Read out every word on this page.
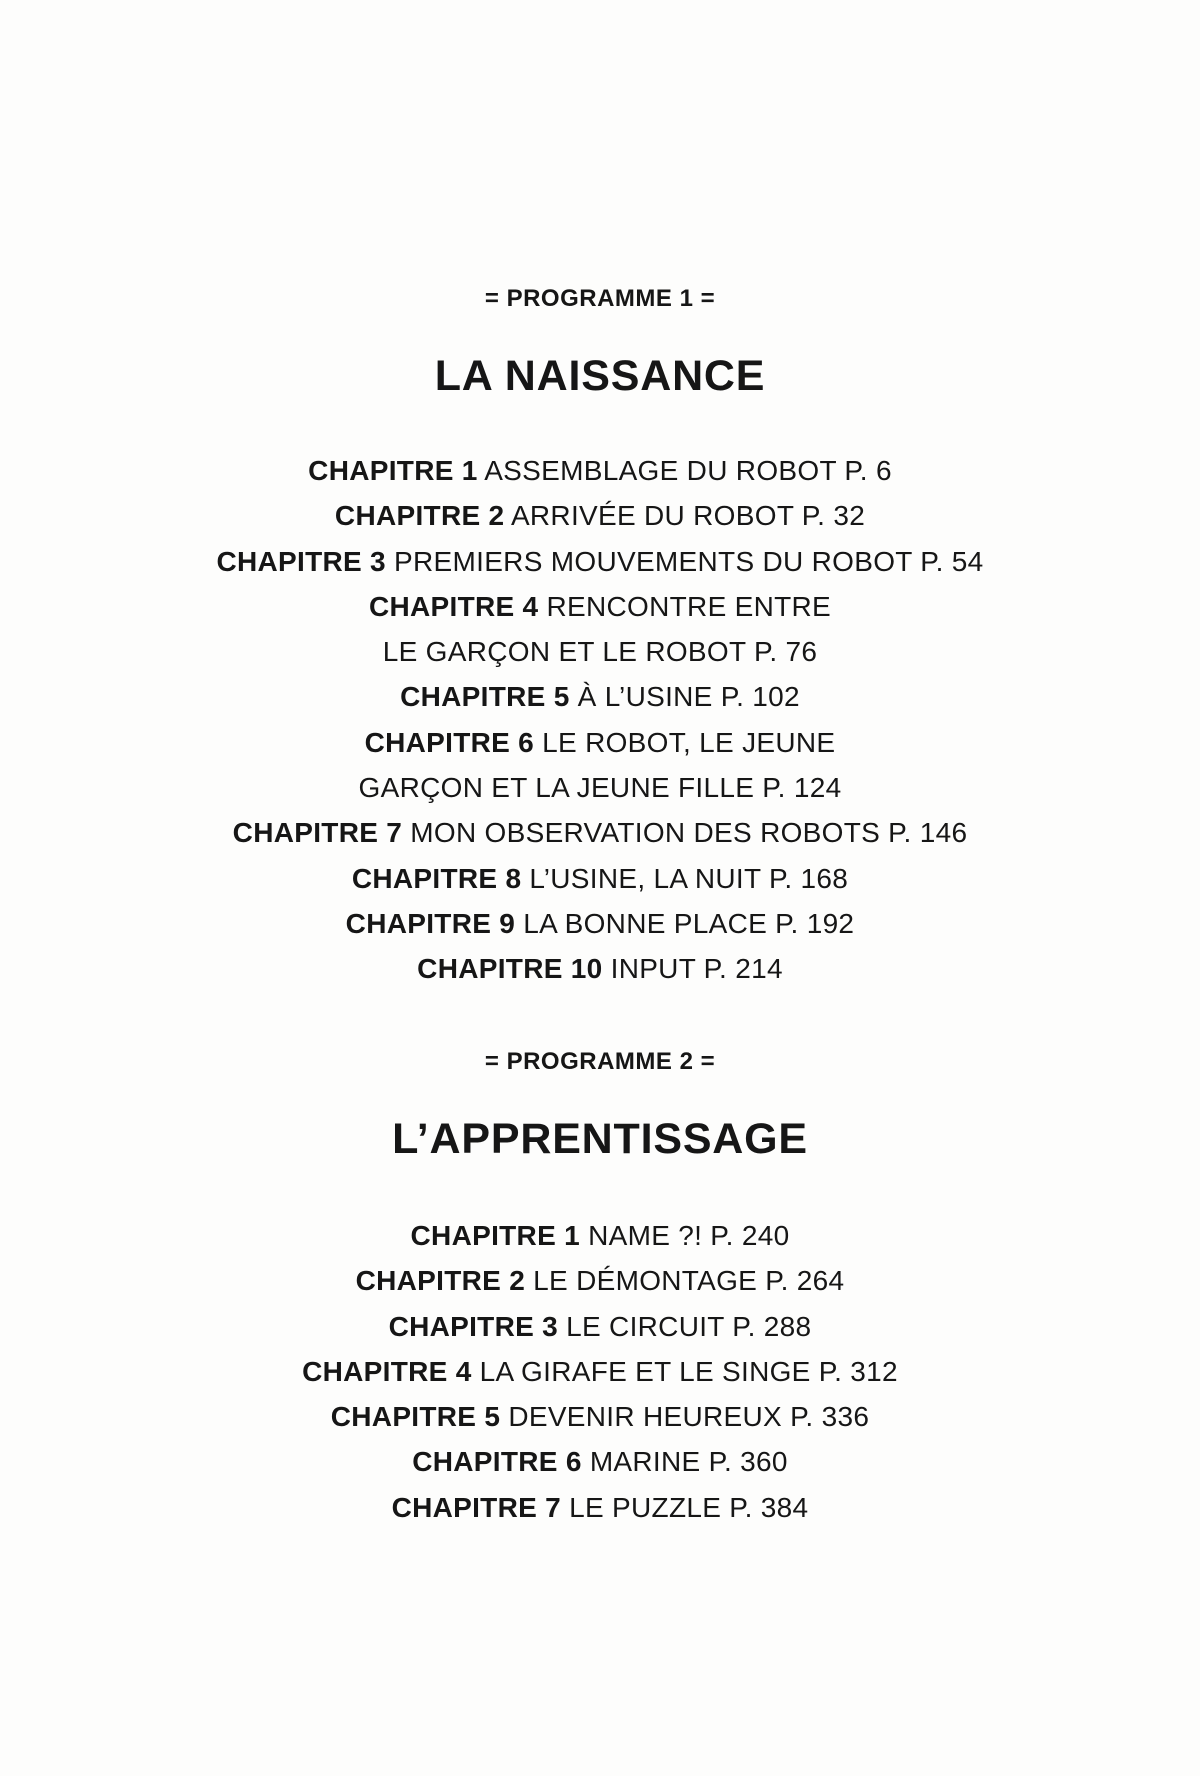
= PROGRAMME 1 =
LA NAISSANCE
CHAPITRE 1 ASSEMBLAGE DU ROBOT P. 6
CHAPITRE 2 ARRIVÉE DU ROBOT P. 32
CHAPITRE 3 PREMIERS MOUVEMENTS DU ROBOT P. 54
CHAPITRE 4 RENCONTRE ENTRE
LE GARÇON ET LE ROBOT P. 76
CHAPITRE 5 À L’USINE P. 102
CHAPITRE 6 LE ROBOT, LE JEUNE
GARÇON ET LA JEUNE FILLE P. 124
CHAPITRE 7 MON OBSERVATION DES ROBOTS P. 146
CHAPITRE 8 L’USINE, LA NUIT P. 168
CHAPITRE 9 LA BONNE PLACE P. 192
CHAPITRE 10 INPUT P. 214
= PROGRAMME 2 =
L’APPRENTISSAGE
CHAPITRE 1 NAME ?! P. 240
CHAPITRE 2 LE DÉMONTAGE P. 264
CHAPITRE 3 LE CIRCUIT P. 288
CHAPITRE 4 LA GIRAFE ET LE SINGE P. 312
CHAPITRE 5 DEVENIR HEUREUX P. 336
CHAPITRE 6 MARINE P. 360
CHAPITRE 7 LE PUZZLE P. 384
